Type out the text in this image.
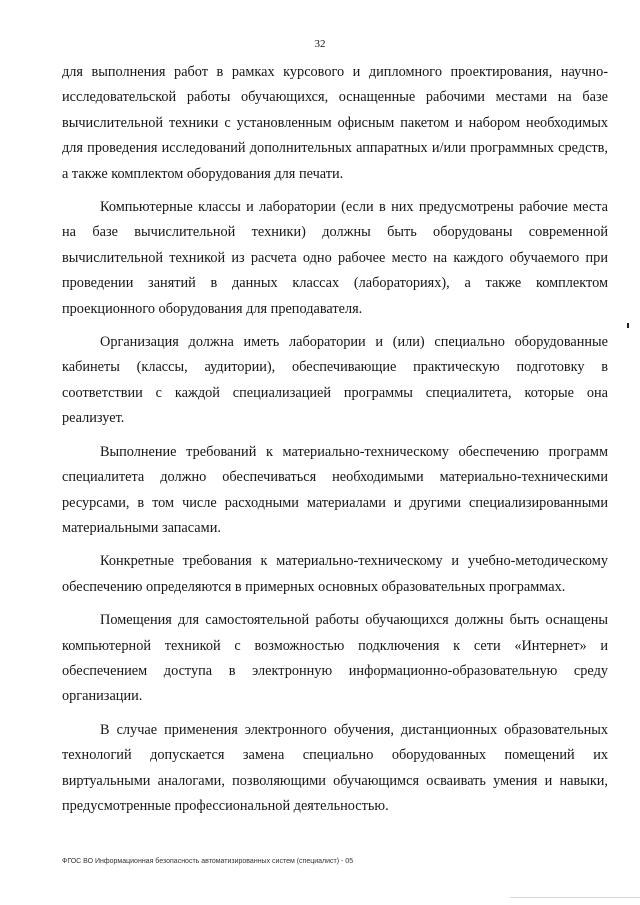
32

для выполнения работ в рамках курсового и дипломного проектирования, научно-исследовательской работы обучающихся, оснащенные рабочими местами на базе вычислительной техники с установленным офисным пакетом и набором необходимых для проведения исследований дополнительных аппаратных и/или программных средств, а также комплектом оборудования для печати.

Компьютерные классы и лаборатории (если в них предусмотрены рабочие места на базе вычислительной техники) должны быть оборудованы современной вычислительной техникой из расчета одно рабочее место на каждого обучаемого при проведении занятий в данных классах (лабораториях), а также комплектом проекционного оборудования для преподавателя.

Организация должна иметь лаборатории и (или) специально оборудованные кабинеты (классы, аудитории), обеспечивающие практическую подготовку в соответствии с каждой специализацией программы специалитета, которые она реализует.

Выполнение требований к материально-техническому обеспечению программ специалитета должно обеспечиваться необходимыми материально-техническими ресурсами, в том числе расходными материалами и другими специализированными материальными запасами.

Конкретные требования к материально-техническому и учебно-методическому обеспечению определяются в примерных основных образовательных программах.

Помещения для самостоятельной работы обучающихся должны быть оснащены компьютерной техникой с возможностью подключения к сети «Интернет» и обеспечением доступа в электронную информационно-образовательную среду организации.

В случае применения электронного обучения, дистанционных образовательных технологий допускается замена специально оборудованных помещений их виртуальными аналогами, позволяющими обучающимся осваивать умения и навыки, предусмотренные профессиональной деятельностью.

ФГОС ВО Информационная безопасность автоматизированных систем (специалист) - 05
